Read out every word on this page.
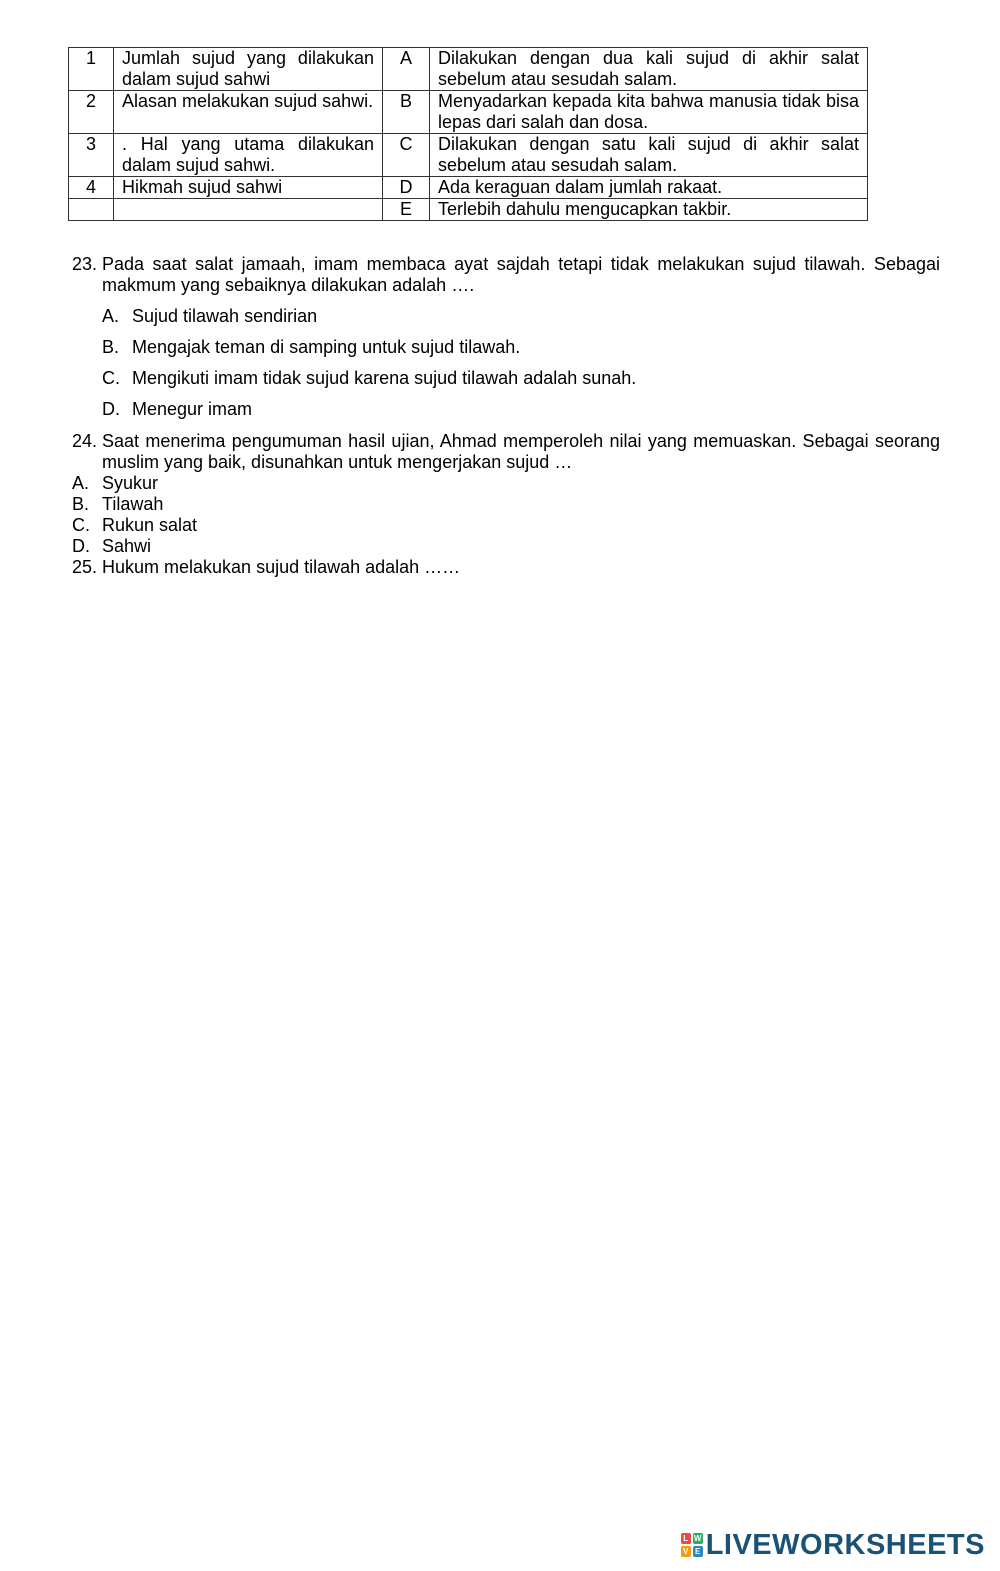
1	Jumlah sujud yang dilakukan dalam sujud sahwi	A	Dilakukan dengan dua kali sujud di akhir salat sebelum atau sesudah salam.
2	Alasan melakukan sujud sahwi.	B	Menyadarkan kepada kita bahwa manusia tidak bisa lepas dari salah dan dosa.
3	. Hal yang utama dilakukan dalam sujud sahwi.	C	Dilakukan dengan satu kali sujud di akhir salat sebelum atau sesudah salam.
4	Hikmah sujud sahwi	D	Ada keraguan dalam jumlah rakaat.
		E	Terlebih dahulu mengucapkan takbir.
23. Pada saat salat jamaah, imam membaca ayat sajdah tetapi tidak melakukan sujud tilawah. Sebagai makmum yang sebaiknya dilakukan adalah ….
A. Sujud tilawah sendirian
B. Mengajak teman di samping untuk sujud tilawah.
C. Mengikuti imam tidak sujud karena sujud tilawah adalah sunah.
D. Menegur imam
24. Saat menerima pengumuman hasil ujian, Ahmad memperoleh nilai yang memuaskan. Sebagai seorang muslim yang baik, disunahkan untuk mengerjakan sujud …
A. Syukur
B. Tilawah
C. Rukun salat
D. Sahwi
25. Hukum melakukan sujud tilawah adalah ……
L W
V E LIVEWORKSHEETS
